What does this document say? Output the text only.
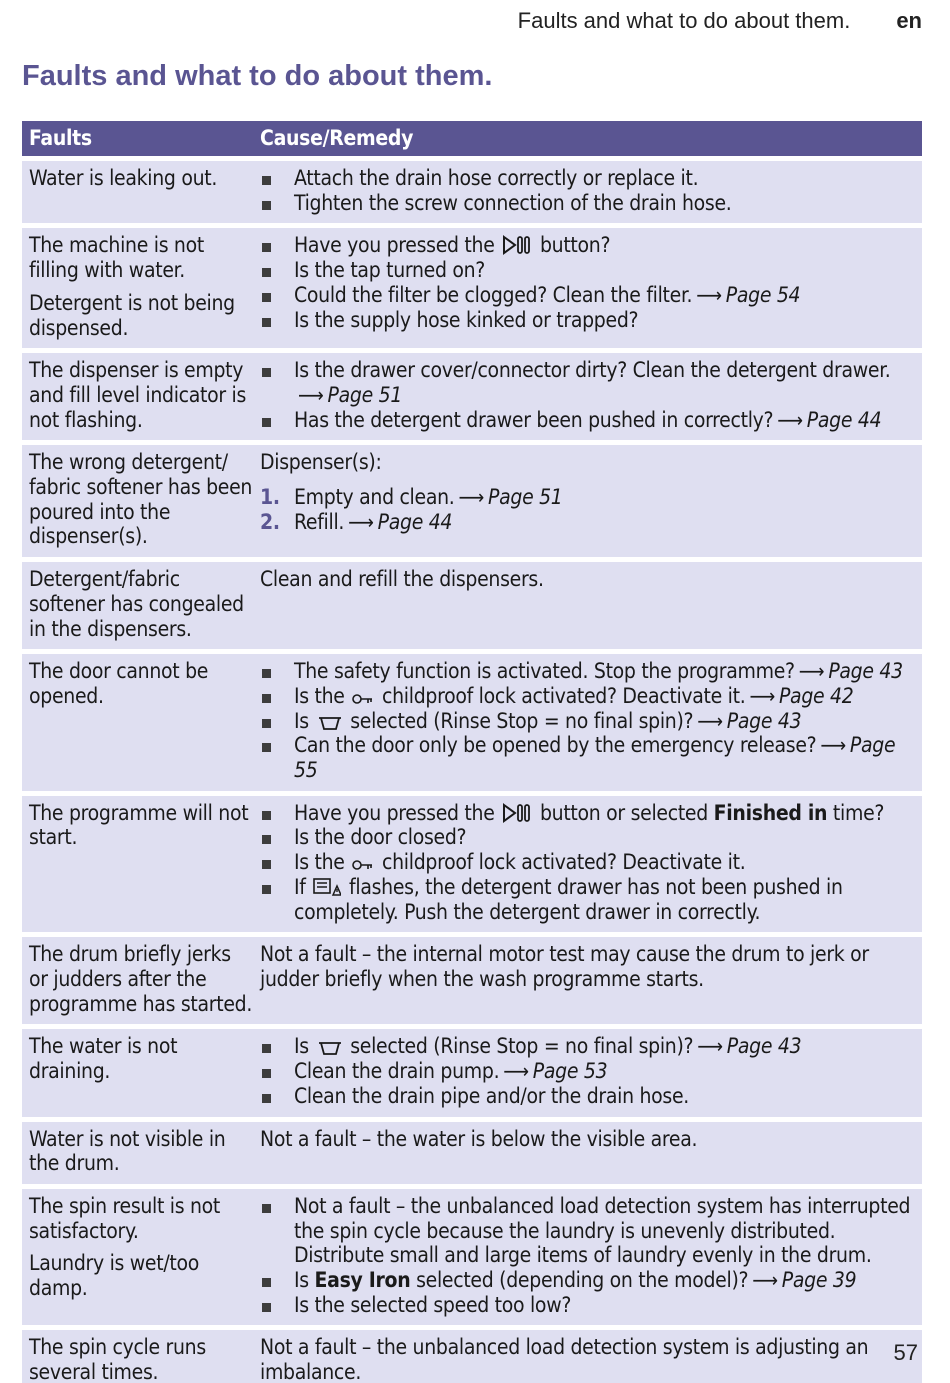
Faults and what to do about them. en
Faults and what to do about them.
Faults	Cause/Remedy
Water is leaking out.	Attach the drain hose correctly or replace it.
Tighten the screw connection of the drain hose.
The machine is not filling with water.
Detergent is not being dispensed.
Have you pressed the button?
Is the tap turned on?
Could the filter be clogged? Clean the filter. ⟶ Page 54
Is the supply hose kinked or trapped?
The dispenser is empty and fill level indicator is not flashing.
Is the drawer cover/connector dirty? Clean the detergent drawer.
⟶ Page 51
Has the detergent drawer been pushed in correctly? ⟶ Page 44
The wrong detergent/ fabric softener has been poured into the dispenser(s).
Dispenser(s):
1. Empty and clean. ⟶ Page 51
2. Refill. ⟶ Page 44
Detergent/fabric softener has congealed in the dispensers.
Clean and refill the dispensers.
The door cannot be opened.
The safety function is activated. Stop the programme? ⟶ Page 43
Is the childproof lock activated? Deactivate it. ⟶ Page 42
Is selected (Rinse Stop = no final spin)? ⟶ Page 43
Can the door only be opened by the emergency release? ⟶ Page 55
The programme will not start.
Have you pressed the button or selected Finished in time?
Is the door closed?
Is the childproof lock activated? Deactivate it.
If flashes, the detergent drawer has not been pushed in completely. Push the detergent drawer in correctly.
The drum briefly jerks or judders after the programme has started.
Not a fault – the internal motor test may cause the drum to jerk or judder briefly when the wash programme starts.
The water is not draining.
Is selected (Rinse Stop = no final spin)? ⟶ Page 43
Clean the drain pump. ⟶ Page 53
Clean the drain pipe and/or the drain hose.
Water is not visible in the drum.
Not a fault – the water is below the visible area.
The spin result is not satisfactory.
Laundry is wet/too damp.
Not a fault – the unbalanced load detection system has interrupted the spin cycle because the laundry is unevenly distributed. Distribute small and large items of laundry evenly in the drum.
Is Easy Iron selected (depending on the model)? ⟶ Page 39
Is the selected speed too low?
The spin cycle runs several times.
Not a fault – the unbalanced load detection system is adjusting an imbalance.
57
